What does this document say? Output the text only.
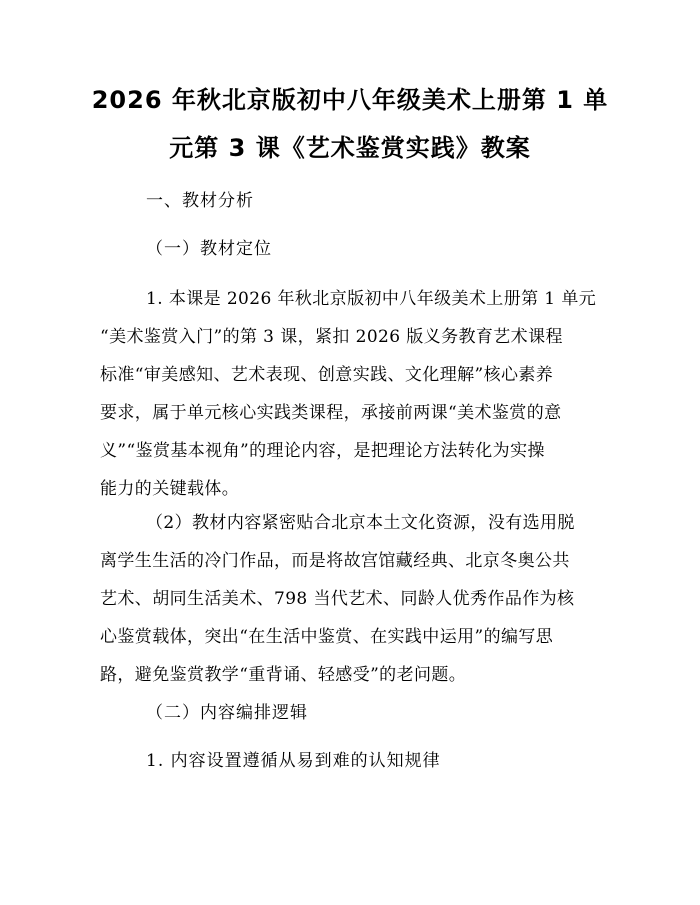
2026 年秋北京版初中八年级美术上册第 1 单
元第 3 课《艺术鉴赏实践》教案
一、教材分析
（一）教材定位
1. 本课是 2026 年秋北京版初中八年级美术上册第 1 单元
“美术鉴赏入门”的第 3 课，紧扣 2026 版义务教育艺术课程
标准“审美感知、艺术表现、创意实践、文化理解”核心素养
要求，属于单元核心实践类课程，承接前两课“美术鉴赏的意
义”“鉴赏基本视角”的理论内容，是把理论方法转化为实操
能力的关键载体。
（2）教材内容紧密贴合北京本土文化资源，没有选用脱
离学生生活的冷门作品，而是将故宫馆藏经典、北京冬奥公共
艺术、胡同生活美术、798 当代艺术、同龄人优秀作品作为核
心鉴赏载体，突出“在生活中鉴赏、在实践中运用”的编写思
路，避免鉴赏教学“重背诵、轻感受”的老问题。
（二）内容编排逻辑
1. 内容设置遵循从易到难的认知规律
